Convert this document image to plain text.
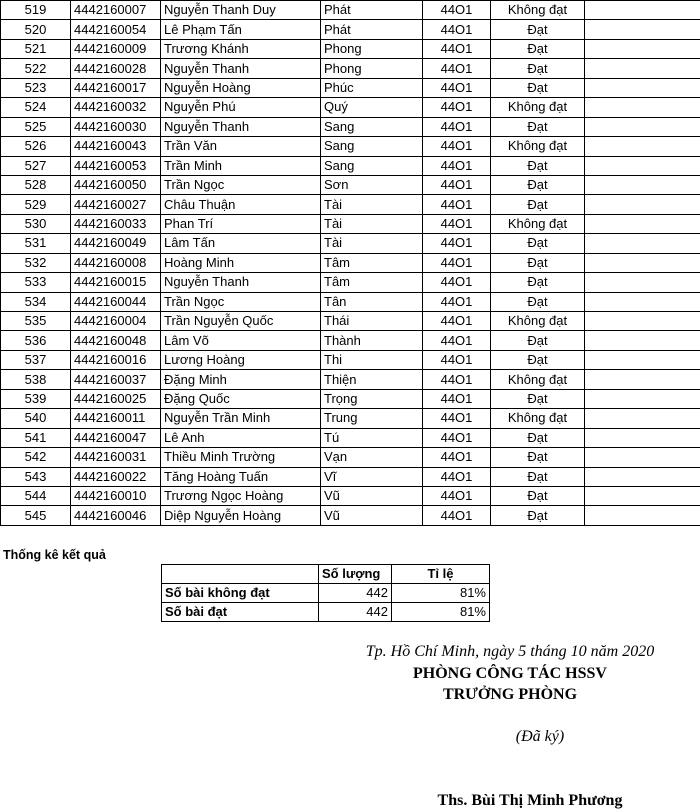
519	4442160007	Nguyễn Thanh Duy	Phát	44O1	Không đạt	
520	4442160054	Lê Phạm Tấn	Phát	44O1	Đạt	
521	4442160009	Trương Khánh	Phong	44O1	Đạt	
522	4442160028	Nguyễn Thanh	Phong	44O1	Đạt	
523	4442160017	Nguyễn Hoàng	Phúc	44O1	Đạt	
524	4442160032	Nguyễn Phú	Quý	44O1	Không đạt	
525	4442160030	Nguyễn Thanh	Sang	44O1	Đạt	
526	4442160043	Trần Văn	Sang	44O1	Không đạt	
527	4442160053	Trần Minh	Sang	44O1	Đạt	
528	4442160050	Trần Ngọc	Sơn	44O1	Đạt	
529	4442160027	Châu Thuận	Tài	44O1	Đạt	
530	4442160033	Phan Trí	Tài	44O1	Không đạt	
531	4442160049	Lâm Tấn	Tài	44O1	Đạt	
532	4442160008	Hoàng Minh	Tâm	44O1	Đạt	
533	4442160015	Nguyễn Thanh	Tâm	44O1	Đạt	
534	4442160044	Trần Ngọc	Tân	44O1	Đạt	
535	4442160004	Trần Nguyễn Quốc	Thái	44O1	Không đạt	
536	4442160048	Lâm Võ	Thành	44O1	Đạt	
537	4442160016	Lương Hoàng	Thi	44O1	Đạt	
538	4442160037	Đặng Minh	Thiện	44O1	Không đạt	
539	4442160025	Đặng Quốc	Trọng	44O1	Đạt	
540	4442160011	Nguyễn Trần Minh	Trung	44O1	Không đạt	
541	4442160047	Lê Anh	Tú	44O1	Đạt	
542	4442160031	Thiều Minh Trường	Vạn	44O1	Đạt	
543	4442160022	Tăng Hoàng Tuấn	Vĩ	44O1	Đạt	
544	4442160010	Trương Ngọc Hoàng	Vũ	44O1	Đạt	
545	4442160046	Diệp Nguyễn Hoàng	Vũ	44O1	Đạt	
Thống kê kết quả
	Số lượng	Tỉ lệ
Số bài không đạt	442	81%
Số bài đạt	442	81%
Tp. Hồ Chí Minh, ngày 5 tháng 10 năm 2020
PHÒNG CÔNG TÁC HSSV
TRƯỞNG PHÒNG
(Đã ký)
Ths. Bùi Thị Minh Phương
